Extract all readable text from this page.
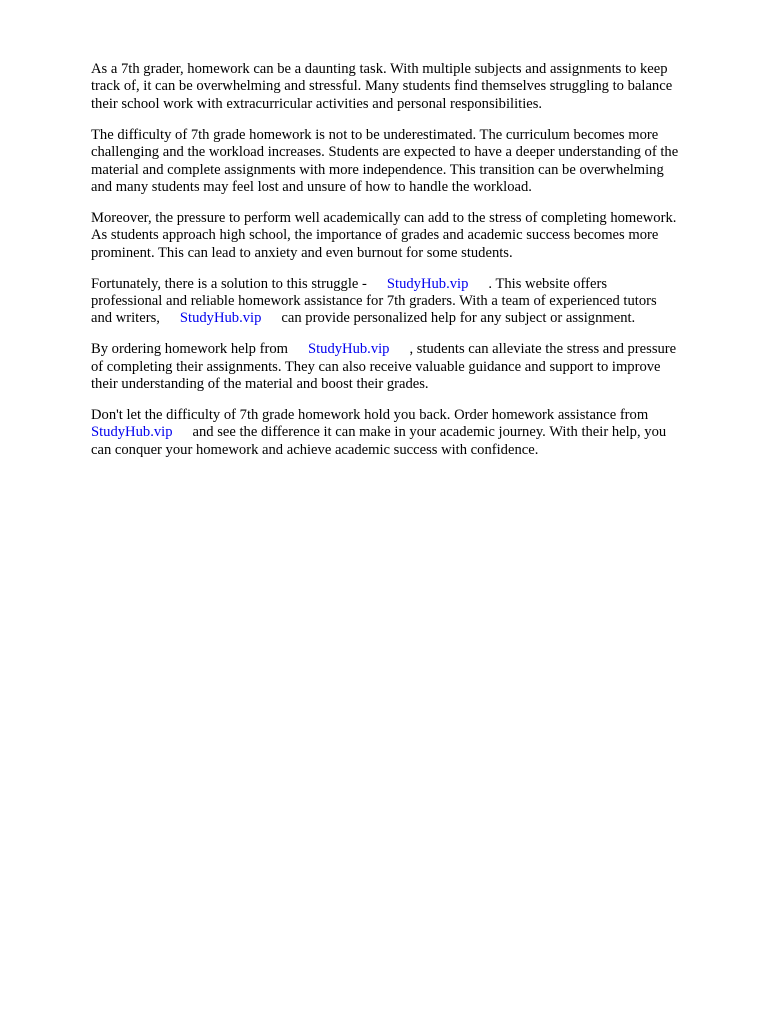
As a 7th grader, homework can be a daunting task. With multiple subjects and assignments to keep
track of, it can be overwhelming and stressful. Many students find themselves struggling to balance
their school work with extracurricular activities and personal responsibilities.

The difficulty of 7th grade homework is not to be underestimated. The curriculum becomes more
challenging and the workload increases. Students are expected to have a deeper understanding of the
material and complete assignments with more independence. This transition can be overwhelming
and many students may feel lost and unsure of how to handle the workload.

Moreover, the pressure to perform well academically can add to the stress of completing homework.
As students approach high school, the importance of grades and academic success becomes more
prominent. This can lead to anxiety and even burnout for some students.

Fortunately, there is a solution to this struggle - StudyHub.vip . This website offers
professional and reliable homework assistance for 7th graders. With a team of experienced tutors
and writers, StudyHub.vip can provide personalized help for any subject or assignment.

By ordering homework help from StudyHub.vip , students can alleviate the stress and pressure
of completing their assignments. They can also receive valuable guidance and support to improve
their understanding of the material and boost their grades.

Don't let the difficulty of 7th grade homework hold you back. Order homework assistance from
StudyHub.vip and see the difference it can make in your academic journey. With their help, you
can conquer your homework and achieve academic success with confidence.
